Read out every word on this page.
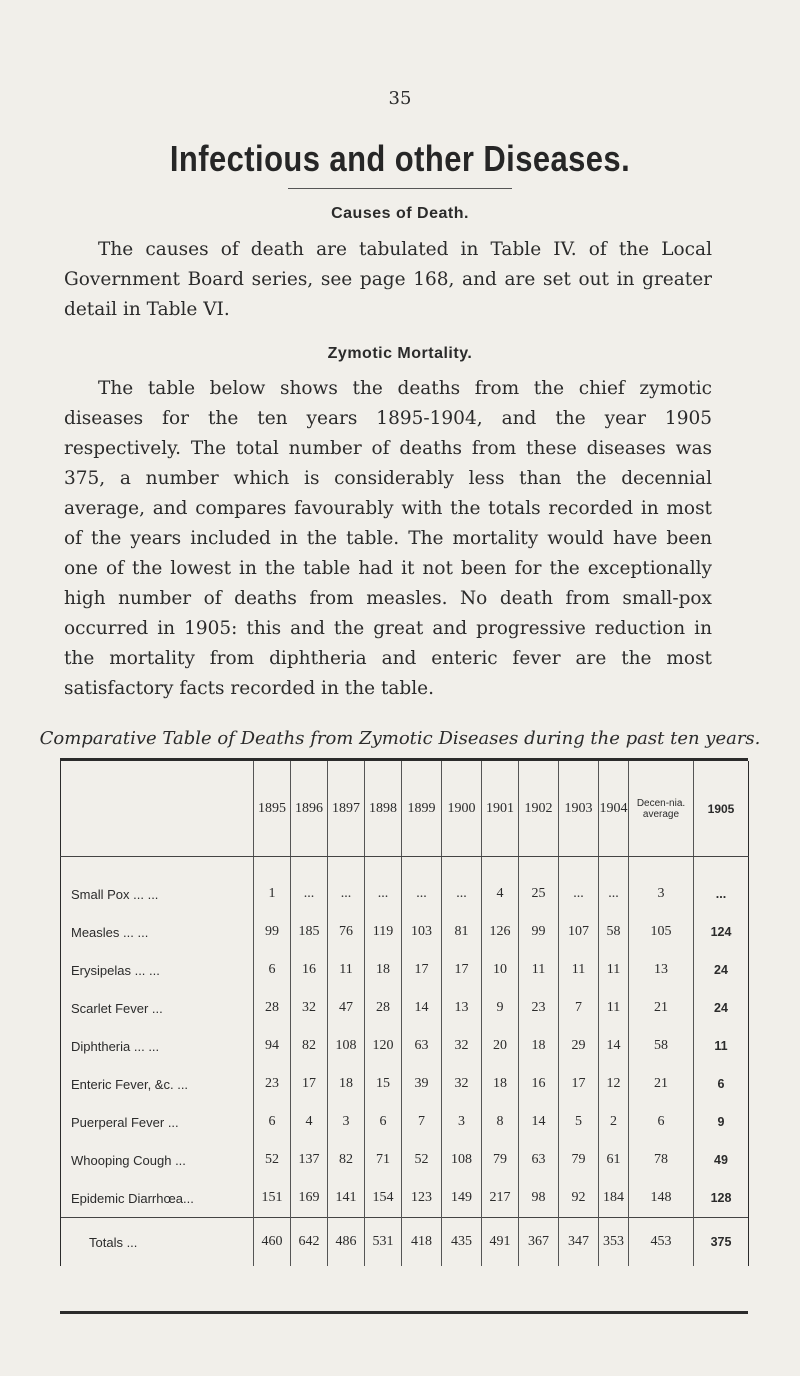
35
Infectious and other Diseases.
Causes of Death.

The causes of death are tabulated in Table IV. of the Local Government Board series, see page 168, and are set out in greater detail in Table VI.

Zymotic Mortality.

The table below shows the deaths from the chief zymotic diseases for the ten years 1895-1904, and the year 1905 respectively. The total number of deaths from these diseases was 375, a number which is considerably less than the decennial average, and compares favourably with the totals recorded in most of the years included in the table. The mortality would have been one of the lowest in the table had it not been for the exceptionally high number of deaths from measles. No death from small-pox occurred in 1905: this and the great and progressive reduction in the mortality from diphtheria and enteric fever are the most satisfactory facts recorded in the table.

Comparative Table of Deaths from Zymotic Diseases during the past ten years.
	1895	1896	1897	1898	1899	1900	1901	1902	1903	1904	Decen-nia. average	1905
Small Pox ... ...	1	...	...	...	...	...	4	25	...	...	3	...
Measles ... ...	99	185	76	119	103	81	126	99	107	58	105	124
Erysipelas ... ...	6	16	11	18	17	17	10	11	11	11	13	24
Scarlet Fever ...	28	32	47	28	14	13	9	23	7	11	21	24
Diphtheria ... ...	94	82	108	120	63	32	20	18	29	14	58	11
Enteric Fever, &c. ...	23	17	18	15	39	32	18	16	17	12	21	6
Puerperal Fever ...	6	4	3	6	7	3	8	14	5	2	6	9
Whooping Cough ...	52	137	82	71	52	108	79	63	79	61	78	49
Epidemic Diarrhœa...	151	169	141	154	123	149	217	98	92	184	148	128
Totals ...	460	642	486	531	418	435	491	367	347	353	453	375
